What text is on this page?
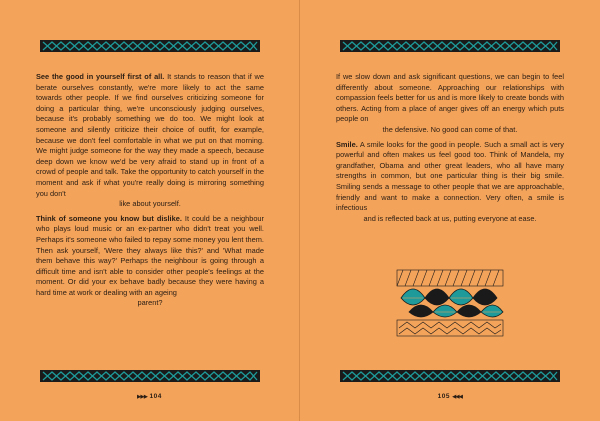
See the good in yourself first of all. It stands to reason that if we berate ourselves constantly, we're more likely to act the same towards other people. If we find ourselves criticizing someone for doing a particular thing, we're unconsciously judging ourselves, because it's probably something we do too. We might look at someone and silently criticize their choice of outfit, for example, because we don't feel comfortable in what we put on that morning. We might judge someone for the way they made a speech, because deep down we know we'd be very afraid to stand up in front of a crowd of people and talk. Take the opportunity to catch yourself in the moment and ask if what you're really doing is mirroring something you don't
like about yourself.

Think of someone you know but dislike. It could be a neighbour who plays loud music or an ex-partner who didn't treat you well. Perhaps it's someone who failed to repay some money you lent them. Then ask yourself, 'Were they always like this?' and 'What made them behave this way?' Perhaps the neighbour is going through a difficult time and isn't able to consider other people's feelings at the moment. Or did your ex behave badly because they were having a hard time at work or dealing with an ageing
parent?

▶▶▶ 104

If we slow down and ask significant questions, we can begin to feel differently about someone. Approaching our relationships with compassion feels better for us and is more likely to create bonds with others. Acting from a place of anger gives off an energy which puts people on
the defensive. No good can come of that.

Smile. A smile looks for the good in people. Such a small act is very powerful and often makes us feel good too. Think of Mandela, my grandfather, Obama and other great leaders, who all have many strengths in common, but one particular thing is their big smile. Smiling sends a message to other people that we are approachable, friendly and want to make a connection. Very often, a smile is infectious
and is reflected back at us, putting everyone at ease.

105 ◀◀◀
